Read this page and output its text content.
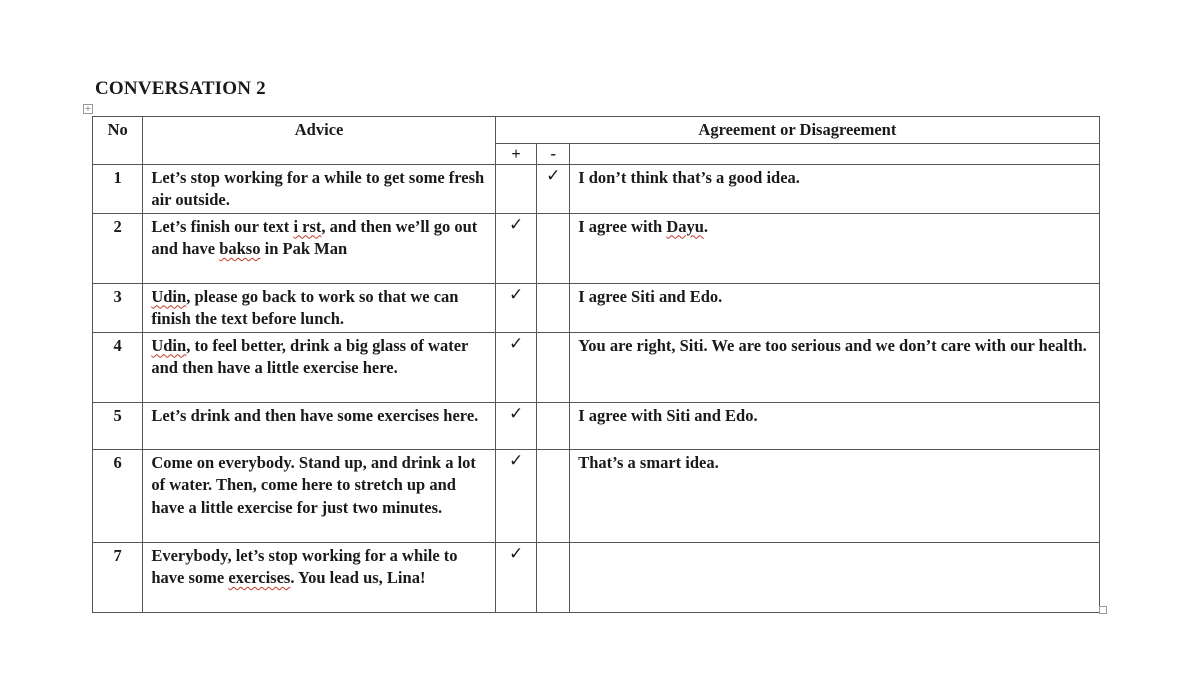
CONVERSATION 2
+
No	Advice	Agreement or Disagreement		
		+	-	
1	Let’s stop working for a while to get some fresh air outside.		✓	I don’t think that’s a good idea.
2	Let’s finish our text i rst, and then we’ll go out and have bakso in Pak Man	✓		I agree with Dayu.
3	Udin, please go back to work so that we can finish the text before lunch.	✓		I agree Siti and Edo.
4	Udin, to feel better, drink a big glass of water and then have a little exercise here.	✓		You are right, Siti. We are too serious and we don’t care with our health.
5	Let’s drink and then have some exercises here.	✓		I agree with Siti and Edo.
6	Come on everybody. Stand up, and drink a lot of water. Then, come here to stretch up and have a little exercise for just two minutes.	✓		That’s a smart idea.
7	Everybody, let’s stop working for a while to have some exercises. You lead us, Lina!	✓		
